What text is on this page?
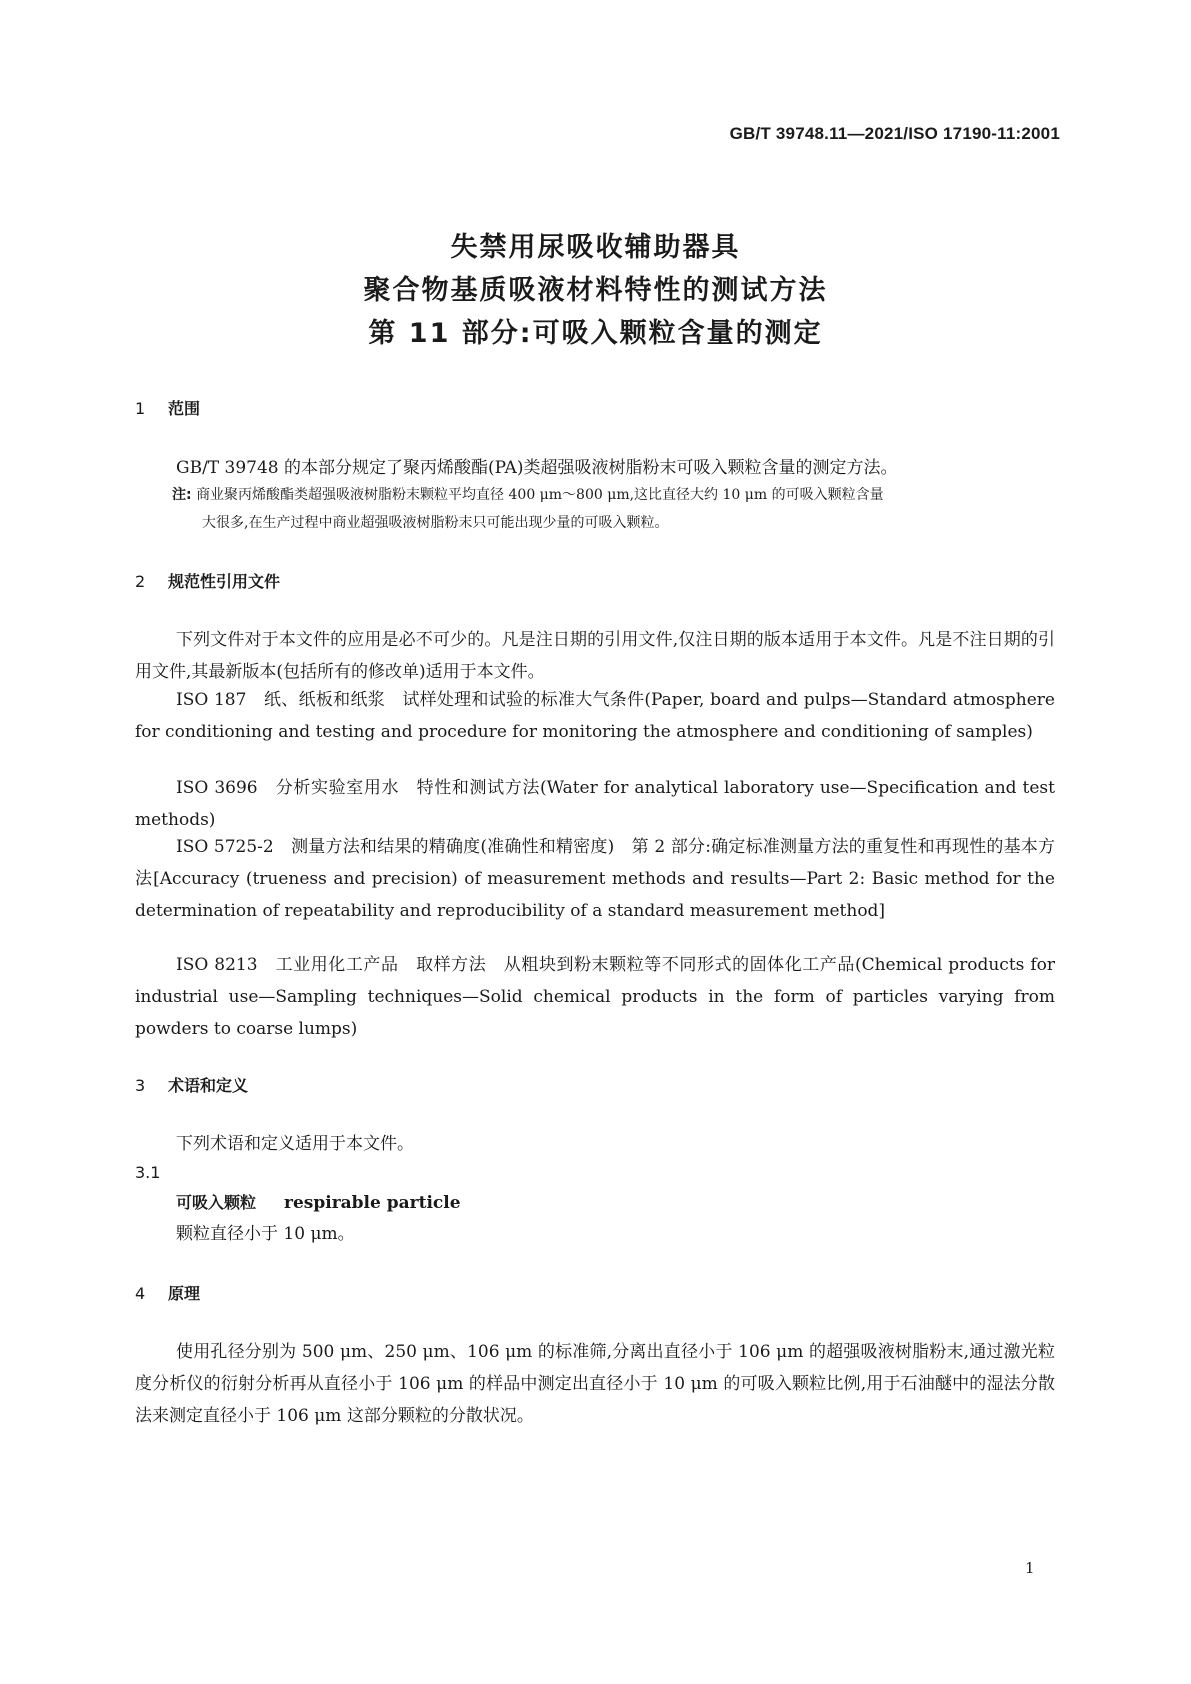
GB/T 39748.11—2021/ISO 17190-11:2001
失禁用尿吸收辅助器具
聚合物基质吸液材料特性的测试方法
第 11 部分:可吸入颗粒含量的测定
1 范围
GB/T 39748 的本部分规定了聚丙烯酸酯(PA)类超强吸液树脂粉末可吸入颗粒含量的测定方法。
注: 商业聚丙烯酸酯类超强吸液树脂粉末颗粒平均直径 400 μm～800 μm,这比直径大约 10 μm 的可吸入颗粒含量
大很多,在生产过程中商业超强吸液树脂粉末只可能出现少量的可吸入颗粒。
2 规范性引用文件
下列文件对于本文件的应用是必不可少的。凡是注日期的引用文件,仅注日期的版本适用于本文件。凡是不注日期的引用文件,其最新版本(包括所有的修改单)适用于本文件。
ISO 187　纸、纸板和纸浆　试样处理和试验的标准大气条件(Paper, board and pulps—Standard atmosphere for conditioning and testing and procedure for monitoring the atmosphere and conditioning of samples)
ISO 3696　分析实验室用水　特性和测试方法(Water for analytical laboratory use—Specification and test methods)
ISO 5725-2　测量方法和结果的精确度(准确性和精密度)　第 2 部分:确定标准测量方法的重复性和再现性的基本方法[Accuracy (trueness and precision) of measurement methods and results—Part 2: Basic method for the determination of repeatability and reproducibility of a standard measurement method]
ISO 8213　工业用化工产品　取样方法　从粗块到粉末颗粒等不同形式的固体化工产品(Chemical products for industrial use—Sampling techniques—Solid chemical products in the form of particles varying from powders to coarse lumps)
3 术语和定义
下列术语和定义适用于本文件。
3.1
可吸入颗粒 respirable particle
颗粒直径小于 10 μm。
4 原理
使用孔径分别为 500 μm、250 μm、106 μm 的标准筛,分离出直径小于 106 μm 的超强吸液树脂粉末,通过激光粒度分析仪的衍射分析再从直径小于 106 μm 的样品中测定出直径小于 10 μm 的可吸入颗粒比例,用于石油醚中的湿法分散法来测定直径小于 106 μm 这部分颗粒的分散状况。
1
